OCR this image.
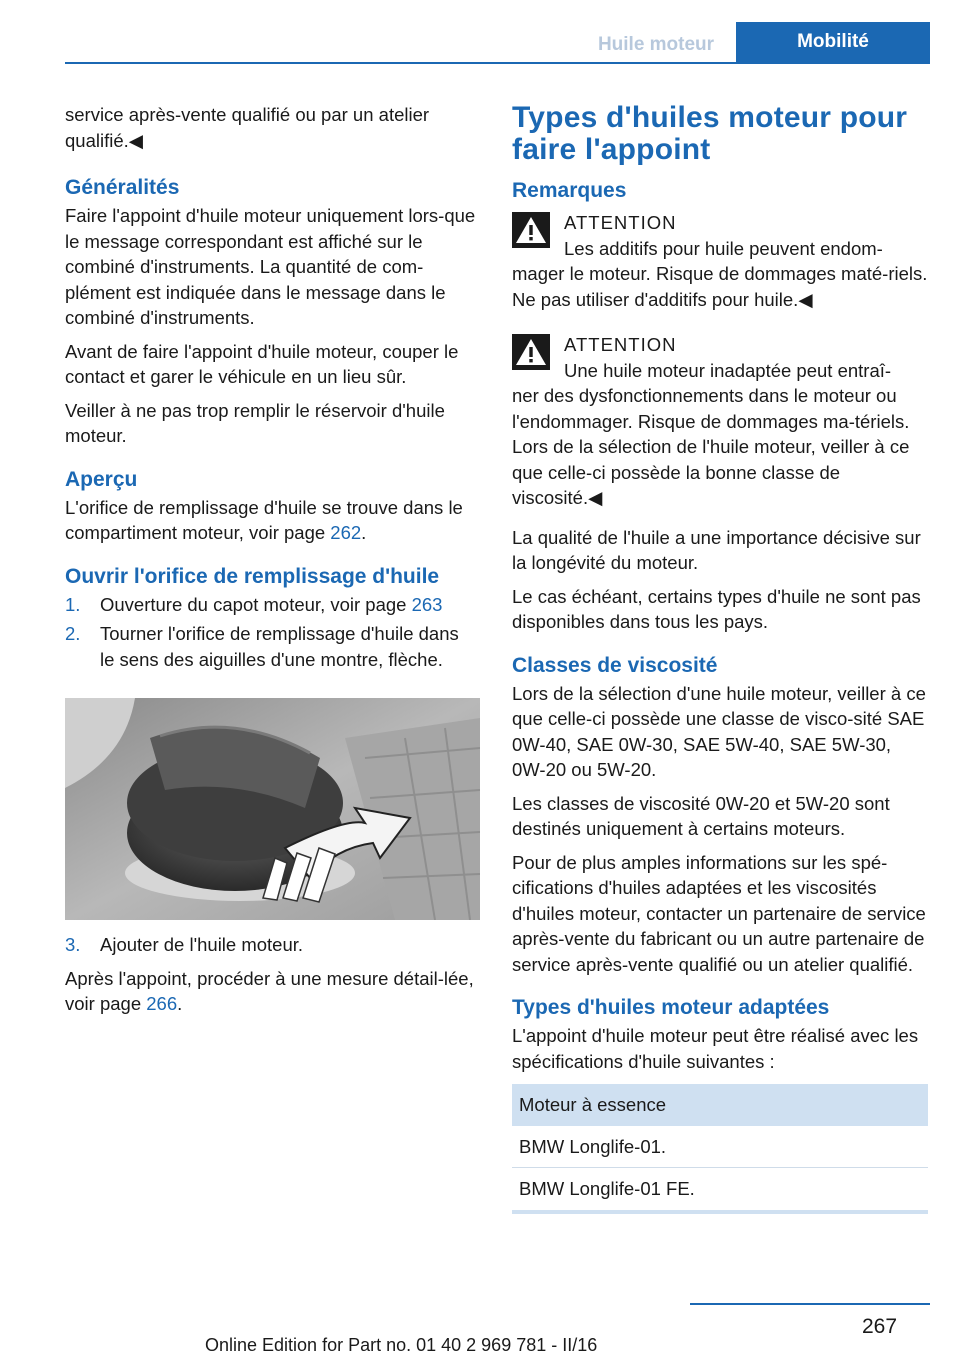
Huile moteur	Mobilité

service après-vente qualifié ou par un atelier qualifié.◀

Généralités

Faire l'appoint d'huile moteur uniquement lors-que le message correspondant est affiché sur le combiné d'instruments. La quantité de com-plément est indiquée dans le message dans le combiné d'instruments.

Avant de faire l'appoint d'huile moteur, couper le contact et garer le véhicule en un lieu sûr.

Veiller à ne pas trop remplir le réservoir d'huile moteur.

Aperçu

L'orifice de remplissage d'huile se trouve dans le compartiment moteur, voir page 262.

Ouvrir l'orifice de remplissage d'huile
1.	Ouverture du capot moteur, voir page 263
2.	Tourner l'orifice de remplissage d'huile dans le sens des aiguilles d'une montre, flèche.
3.	Ajouter de l'huile moteur.

Après l'appoint, procéder à une mesure détail-lée, voir page 266.

Types d'huiles moteur pour faire l'appoint
Remarques
ATTENTION
Les additifs pour huile peuvent endom-
mager le moteur. Risque de dommages maté-riels. Ne pas utiliser d'additifs pour huile.◀
ATTENTION
Une huile moteur inadaptée peut entraî-
ner des dysfonctionnements dans le moteur ou l'endommager. Risque de dommages ma-tériels. Lors de la sélection de l'huile moteur, veiller à ce que celle-ci possède la bonne classe de viscosité.◀

La qualité de l'huile a une importance décisive sur la longévité du moteur.

Le cas échéant, certains types d'huile ne sont pas disponibles dans tous les pays.

Classes de viscosité

Lors de la sélection d'une huile moteur, veiller à ce que celle-ci possède une classe de visco-sité SAE 0W-40, SAE 0W-30, SAE 5W-40, SAE 5W-30, 0W-20 ou 5W-20.

Les classes de viscosité 0W-20 et 5W-20 sont destinés uniquement à certains moteurs.

Pour de plus amples informations sur les spé-cifications d'huiles adaptées et les viscosités d'huiles moteur, contacter un partenaire de service après-vente du fabricant ou un autre partenaire de service après-vente qualifié ou un atelier qualifié.

Types d'huiles moteur adaptées

L'appoint d'huile moteur peut être réalisé avec les spécifications d'huile suivantes :

Moteur à essence
BMW Longlife-01.
BMW Longlife-01 FE.
267
Online Edition for Part no. 01 40 2 969 781 - II/16
